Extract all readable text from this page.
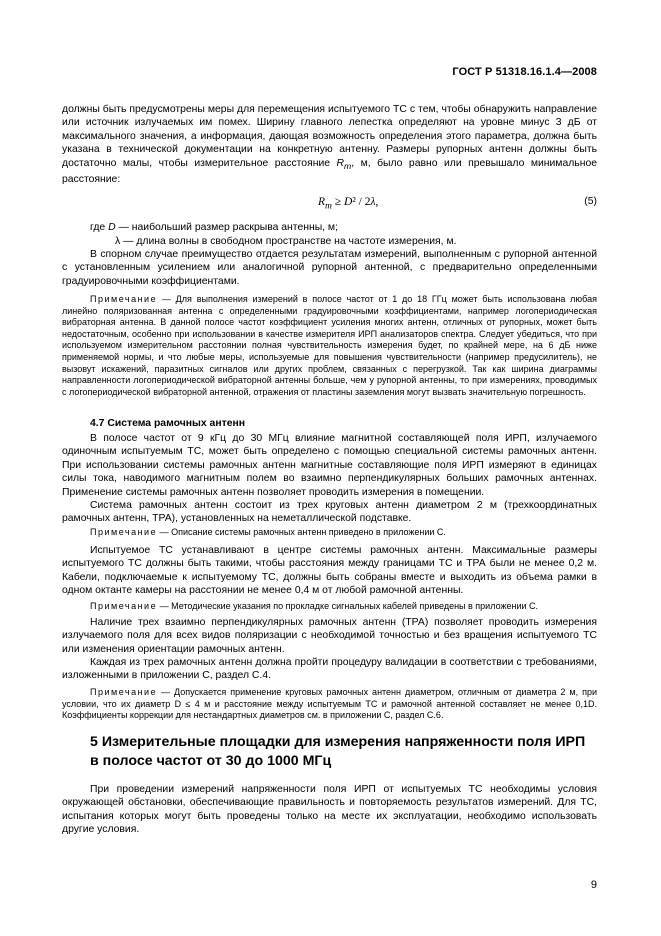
ГОСТ Р 51318.16.1.4—2008
должны быть предусмотрены меры для перемещения испытуемого ТС с тем, чтобы обнаружить направление или источник излучаемых им помех. Ширину главного лепестка определяют на уровне минус 3 дБ от максимального значения, а информация, дающая возможность определения этого параметра, должна быть указана в технической документации на конкретную антенну. Размеры рупорных антенн должны быть достаточно малы, чтобы измерительное расстояние $R_m$, м, было равно или превышало минимальное расстояние:
$R_m \ge D^2 / 2\lambda$,	(5)
где D — наибольший размер раскрыва антенны, м;
λ — длина волны в свободном пространстве на частоте измерения, м.
В спорном случае преимущество отдается результатам измерений, выполненным с рупорной антенной с установленным усилением или аналогичной рупорной антенной, с предварительно определенными градуировочными коэффициентами.
Примечание — Для выполнения измерений в полосе частот от 1 до 18 ГГц может быть использована любая линейно поляризованная антенна с определенными градуировочными коэффициентами, например логопериодическая вибраторная антенна. В данной полосе частот коэффициент усиления многих антенн, отличных от рупорных, может быть недостаточным, особенно при использовании в качестве измерителя ИРП анализаторов спектра. Следует убедиться, что при используемом измерительном расстоянии полная чувствительность измерения будет, по крайней мере, на 6 дБ ниже применяемой нормы, и что любые меры, используемые для повышения чувствительности (например предусилитель), не вызовут искажений, паразитных сигналов или других проблем, связанных с перегрузкой. Так как ширина диаграммы направленности логопериодической вибраторной антенны больше, чем у рупорной антенны, то при измерениях, проводимых с логопериодической вибраторной антенной, отражения от пластины заземления могут вызвать значительную погрешность.
4.7 Система рамочных антенн
В полосе частот от 9 кГц до 30 МГц влияние магнитной составляющей поля ИРП, излучаемого одиночным испытуемым ТС, может быть определено с помощью специальной системы рамочных антенн. При использовании системы рамочных антенн магнитные составляющие поля ИРП измеряют в единицах силы тока, наводимого магнитным полем во взаимно перпендикулярных больших рамочных антеннах. Применение системы рамочных антенн позволяет проводить измерения в помещении.
Система рамочных антенн состоит из трех круговых антенн диаметром 2 м (трехкоординатных рамочных антенн, ТРА), установленных на неметаллической подставке.
Примечание — Описание системы рамочных антенн приведено в приложении С.
Испытуемое ТС устанавливают в центре системы рамочных антенн. Максимальные размеры испытуемого ТС должны быть такими, чтобы расстояния между границами ТС и ТРА были не менее 0,2 м. Кабели, подключаемые к испытуемому ТС, должны быть собраны вместе и выходить из объема рамки в одном октанте камеры на расстоянии не менее 0,4 м от любой рамочной антенны.
Примечание — Методические указания по прокладке сигнальных кабелей приведены в приложении С.
Наличие трех взаимно перпендикулярных рамочных антенн (ТРА) позволяет проводить измерения излучаемого поля для всех видов поляризации с необходимой точностью и без вращения испытуемого ТС или изменения ориентации рамочных антенн.
Каждая из трех рамочных антенн должна пройти процедуру валидации в соответствии с требованиями, изложенными в приложении С, раздел С.4.
Примечание — Допускается применение круговых рамочных антенн диаметром, отличным от диаметра 2 м, при условии, что их диаметр D ≤ 4 м и расстояние между испытуемым ТС и рамочной антенной составляет не менее 0,1D. Коэффициенты коррекции для нестандартных диаметров см. в приложении С, раздел С.6.
5 Измерительные площадки для измерения напряженности поля ИРП в полосе частот от 30 до 1000 МГц
При проведении измерений напряженности поля ИРП от испытуемых ТС необходимы условия окружающей обстановки, обеспечивающие правильность и повторяемость результатов измерений. Для ТС, испытания которых могут быть проведены только на месте их эксплуатации, необходимо использовать другие условия.
9
